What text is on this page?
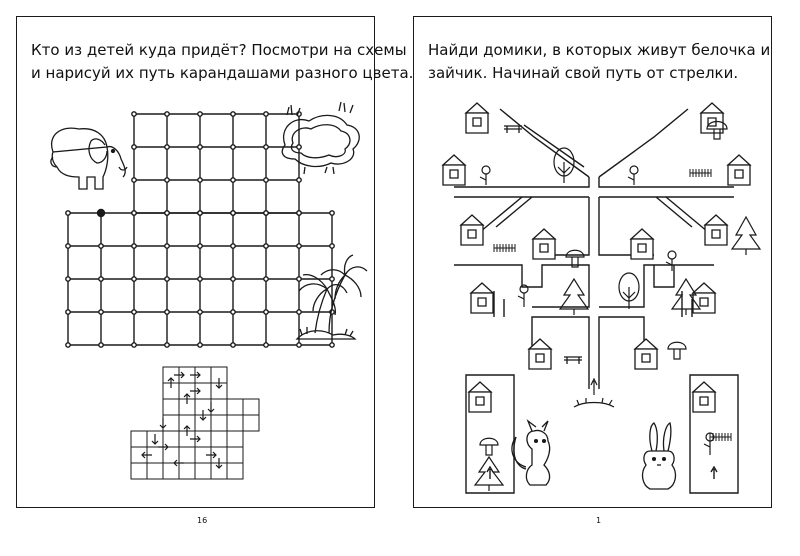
Кто из детей куда придёт? Посмотри на схемы
и нарисуй их путь карандашами разного цвета.

16

Найди домики, в которых живут белочка и
зайчик. Начинай свой путь от стрелки.

1
